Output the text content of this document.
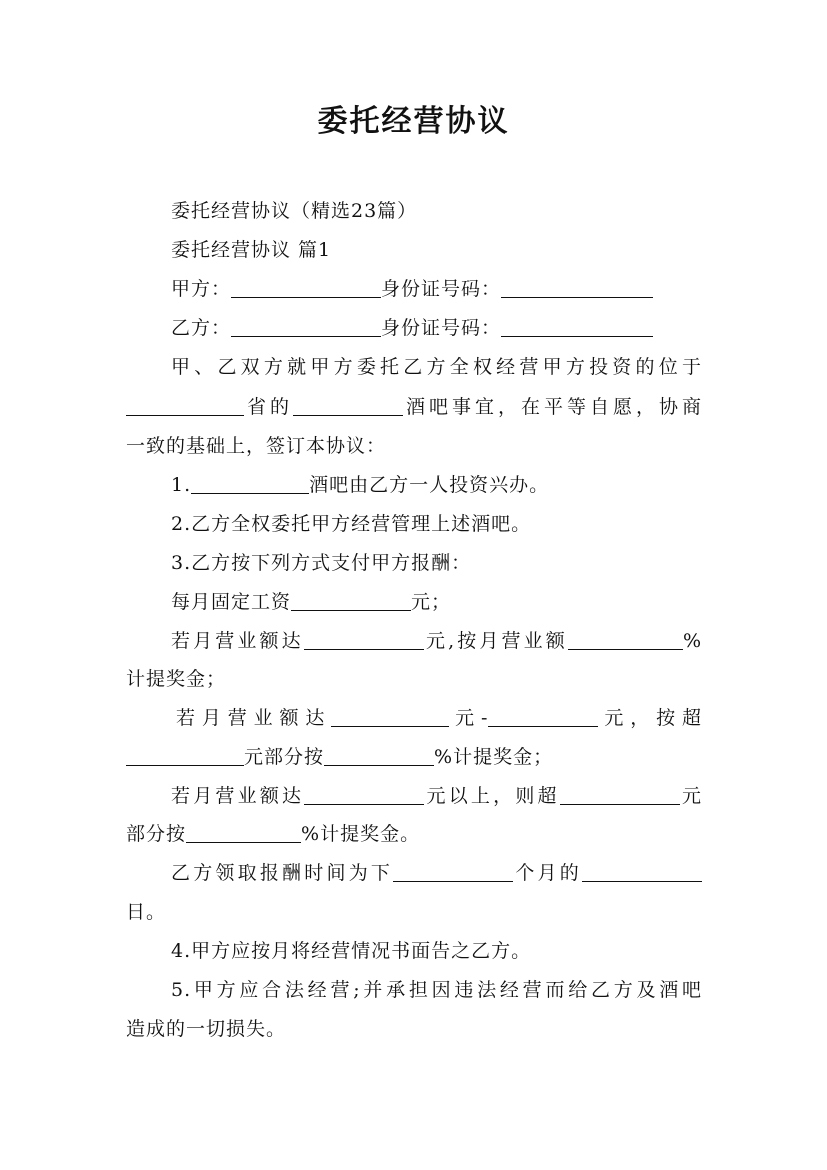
委托经营协议
委托经营协议（精选23篇）
委托经营协议 篇1
甲方：	身份证号码：
乙方：	身份证号码：
甲、乙双方就甲方委托乙方全权经营甲方投资的位于
省的	酒吧事宜，在平等自愿，协商
一致的基础上，签订本协议：
1.	酒吧由乙方一人投资兴办。
2.乙方全权委托甲方经营管理上述酒吧。
3.乙方按下列方式支付甲方报酬：
每月固定工资	元；
若月营业额达	元,按月营业额	%
计提奖金；
若月营业额达	元-	元，按超
元部分按	%计提奖金；
若月营业额达	元以上，则超	元
部分按	%计提奖金。
乙方领取报酬时间为下	个月的
日。
4.甲方应按月将经营情况书面告之乙方。
5.甲方应合法经营;并承担因违法经营而给乙方及酒吧
造成的一切损失。
